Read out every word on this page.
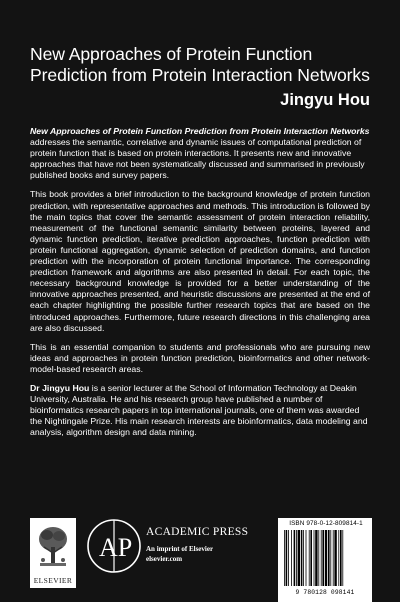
New Approaches of Protein Function
Prediction from Protein Interaction Networks
Jingyu Hou

New Approaches of Protein Function Prediction from Protein Interaction Networks addresses the semantic, correlative and dynamic issues of computational prediction of protein function that is based on protein interactions. It presents new and innovative approaches that have not been systematically discussed and summarised in previously published books and survey papers.

This book provides a brief introduction to the background knowledge of protein function prediction, with representative approaches and methods. This introduction is followed by the main topics that cover the semantic assessment of protein interaction reliability, measurement of the functional semantic similarity between proteins, layered and dynamic function prediction, iterative prediction approaches, function prediction with protein functional aggregation, dynamic selection of prediction domains, and function prediction with the incorporation of protein functional importance. The corresponding prediction framework and algorithms are also presented in detail. For each topic, the necessary background knowledge is provided for a better understanding of the innovative approaches presented, and heuristic discussions are presented at the end of each chapter highlighting the possible further research topics that are based on the introduced approaches. Furthermore, future research directions in this challenging area are also discussed.

This is an essential companion to students and professionals who are pursuing new ideas and approaches in protein function prediction, bioinformatics and other network-model-based research areas.

Dr Jingyu Hou is a senior lecturer at the School of Information Technology at Deakin University, Australia. He and his research group have published a number of bioinformatics research papers in top international journals, one of them was awarded the Nightingale Prize. His main research interests are bioinformatics, data modeling and analysis, algorithm design and data mining.

ELSEVIER
AP
ACADEMIC PRESS
An imprint of Elsevier
elsevier.com
ISBN 978-0-12-809814-1
9 780128 098141
